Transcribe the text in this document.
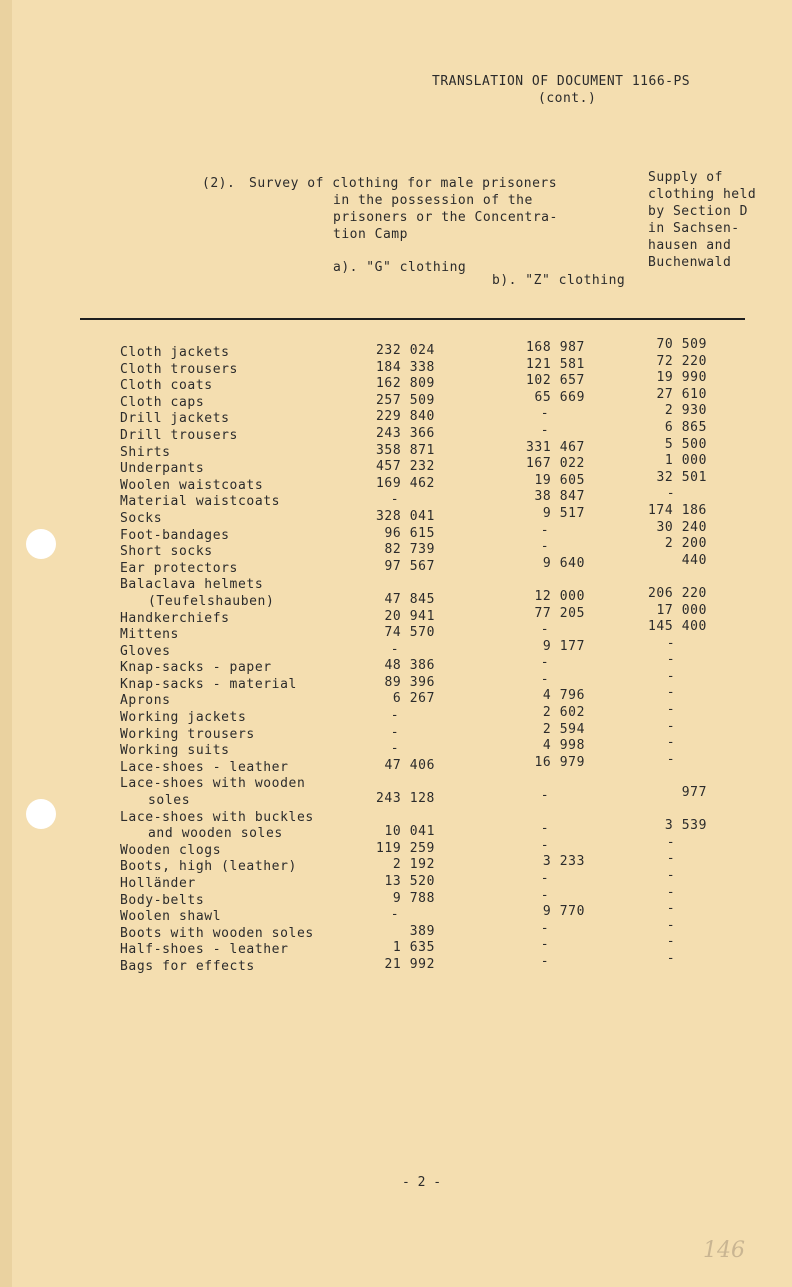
TRANSLATION OF DOCUMENT 1166-PS
(cont.)
(2). Survey of clothing for male prisoners
in the possession of the
prisoners or the Concentra-
tion Camp
a). "G" clothing
b). "Z" clothing
Supply of
clothing held
by Section D
in Sachsen-
hausen and
Buchenwald
Cloth jackets
Cloth trousers
Cloth coats
Cloth caps
Drill jackets
Drill trousers
Shirts
Underpants
Woolen waistcoats
Material waistcoats
Socks
Foot-bandages
Short socks
Ear protectors
Balaclava helmets
(Teufelshauben)
Handkerchiefs
Mittens
Gloves
Knap-sacks - paper
Knap-sacks - material
Aprons
Working jackets
Working trousers
Working suits
Lace-shoes - leather
Lace-shoes with wooden
soles
Lace-shoes with buckles
and wooden soles
Wooden clogs
Boots, high (leather)
Holländer
Body-belts
Woolen shawl
Boots with wooden soles
Half-shoes - leather
Bags for effects
232 024
184 338
162 809
257 509
229 840
243 366
358 871
457 232
169 462
-
328 041
96 615
82 739
97 567
47 845
20 941
74 570
-
48 386
89 396
6 267
-
-
-
47 406
243 128
10 041
119 259
2 192
13 520
9 788
-
389
1 635
21 992
168 987
121 581
102 657
65 669
-
-
331 467
167 022
19 605
38 847
9 517
-
-
9 640
12 000
77 205
-
9 177
-
-
4 796
2 602
2 594
4 998
16 979
-
-
-
3 233
-
-
9 770
-
-
-
70 509
72 220
19 990
27 610
2 930
6 865
5 500
1 000
32 501
-
174 186
30 240
2 200
440
206 220
17 000
145 400
-
-
-
-
-
-
-
-
977
3 539
-
-
-
-
-
-
-
-
- 2 -
146
